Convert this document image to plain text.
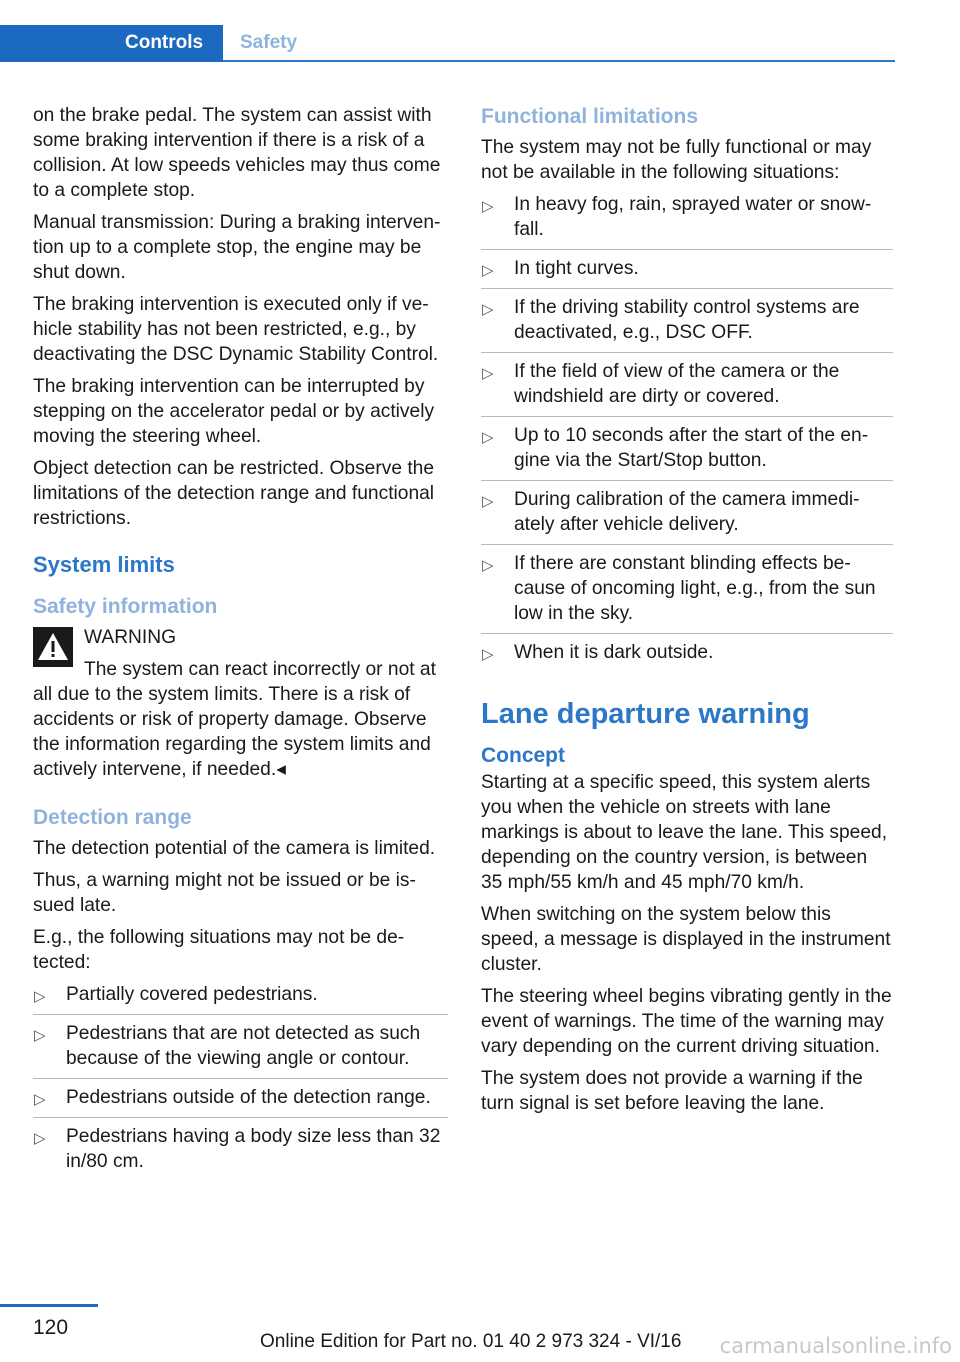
Controls Safety

on the brake pedal. The system can assist with some braking intervention if there is a risk of a collision. At low speeds vehicles may thus come to a complete stop.

Manual transmission: During a braking intervention up to a complete stop, the engine may be shut down.

The braking intervention is executed only if vehicle stability has not been restricted, e.g., by deactivating the DSC Dynamic Stability Control.

The braking intervention can be interrupted by stepping on the accelerator pedal or by actively moving the steering wheel.

Object detection can be restricted. Observe the limitations of the detection range and functional restrictions.

System limits
Safety information
WARNING

The system can react incorrectly or not at all due to the system limits. There is a risk of accidents or risk of property damage. Observe the information regarding the system limits and actively intervene, if needed.◂

Detection range

The detection potential of the camera is limited.

Thus, a warning might not be issued or be issued late.

E.g., the following situations may not be detected:

▷ Partially covered pedestrians.
▷ Pedestrians that are not detected as such because of the viewing angle or contour.
▷ Pedestrians outside of the detection range.
▷ Pedestrians having a body size less than 32 in/80 cm.
Functional limitations

The system may not be fully functional or may not be available in the following situations:

▷ In heavy fog, rain, sprayed water or snowfall.
▷ In tight curves.
▷ If the driving stability control systems are deactivated, e.g., DSC OFF.
▷ If the field of view of the camera or the windshield are dirty or covered.
▷ Up to 10 seconds after the start of the engine via the Start/Stop button.
▷ During calibration of the camera immediately after vehicle delivery.
▷ If there are constant blinding effects because of oncoming light, e.g., from the sun low in the sky.
▷ When it is dark outside.
Lane departure warning
Concept

Starting at a specific speed, this system alerts you when the vehicle on streets with lane markings is about to leave the lane. This speed, depending on the country version, is between 35 mph/55 km/h and 45 mph/70 km/h.

When switching on the system below this speed, a message is displayed in the instrument cluster.

The steering wheel begins vibrating gently in the event of warnings. The time of the warning may vary depending on the current driving situation.

The system does not provide a warning if the turn signal is set before leaving the lane.

120
Online Edition for Part no. 01 40 2 973 324 - VI/16 carmanualsonline.info
